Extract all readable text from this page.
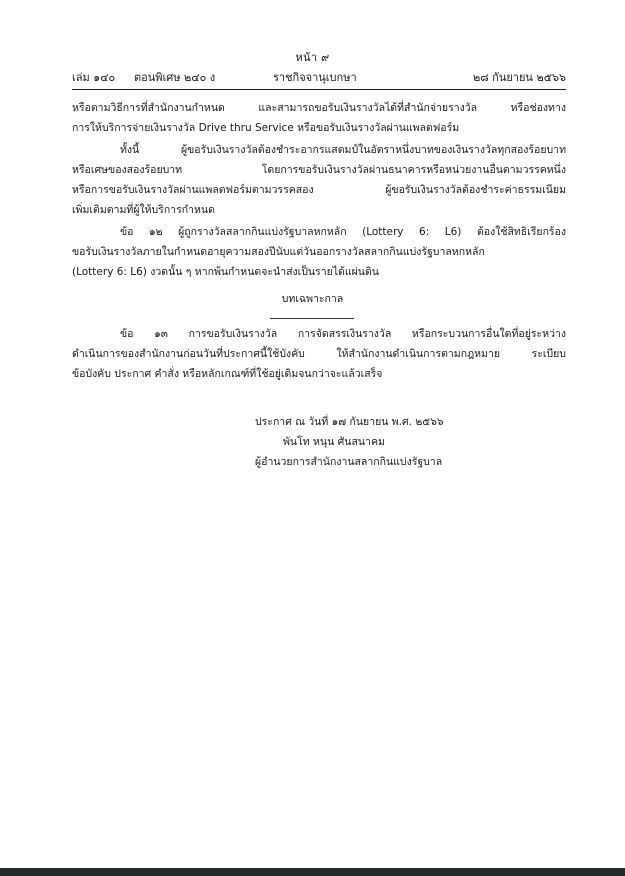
หน้า ๙
เล่ม ๑๔๐ ตอนพิเศษ ๒๔๐ ง	ราชกิจจานุเบกษา	๒๘ กันยายน ๒๕๖๖
หรือตามวิธีการที่สำนักงานกำหนด	และสามารถขอรับเงินรางวัลได้ที่สำนักจ่ายรางวัล	หรือช่องทาง
การให้บริการจ่ายเงินรางวัล Drive thru Service หรือขอรับเงินรางวัลผ่านแพลตฟอร์ม
ทั้งนี้	ผู้ขอรับเงินรางวัลต้องชำระอากรแสตมป์ในอัตราหนึ่งบาทของเงินรางวัลทุกสองร้อยบาท
หรือเศษของสองร้อยบาท	โดยการขอรับเงินรางวัลผ่านธนาคารหรือหน่วยงานอื่นตามวรรคหนึ่ง
หรือการขอรับเงินรางวัลผ่านแพลตฟอร์มตามวรรคสอง	ผู้ขอรับเงินรางวัลต้องชำระค่าธรรมเนียม
เพิ่มเติมตามที่ผู้ให้บริการกำหนด
ข้อ ๑๒ ผู้ถูกรางวัลสลากกินแบ่งรัฐบาลหกหลัก (Lottery 6: L6) ต้องใช้สิทธิเรียกร้อง
ขอรับเงินรางวัลภายในกำหนดอายุความสองปีนับแต่วันออกรางวัลสลากกินแบ่งรัฐบาลหกหลัก
(Lottery 6: L6) งวดนั้น ๆ หากพ้นกำหนดจะนำส่งเป็นรายได้แผ่นดิน
บทเฉพาะกาล
ข้อ ๑๓ การขอรับเงินรางวัล การจัดสรรเงินรางวัล หรือกระบวนการอื่นใดที่อยู่ระหว่าง
ดำเนินการของสำนักงานก่อนวันที่ประกาศนี้ใช้บังคับ	ให้สำนักงานดำเนินการตามกฎหมาย	ระเบียบ
ข้อบังคับ ประกาศ คำสั่ง หรือหลักเกณฑ์ที่ใช้อยู่เดิมจนกว่าจะแล้วเสร็จ
ประกาศ ณ วันที่ ๑๗ กันยายน พ.ศ. ๒๕๖๖
พันโท หนุน ศันสนาคม
ผู้อำนวยการสำนักงานสลากกินแบ่งรัฐบาล
